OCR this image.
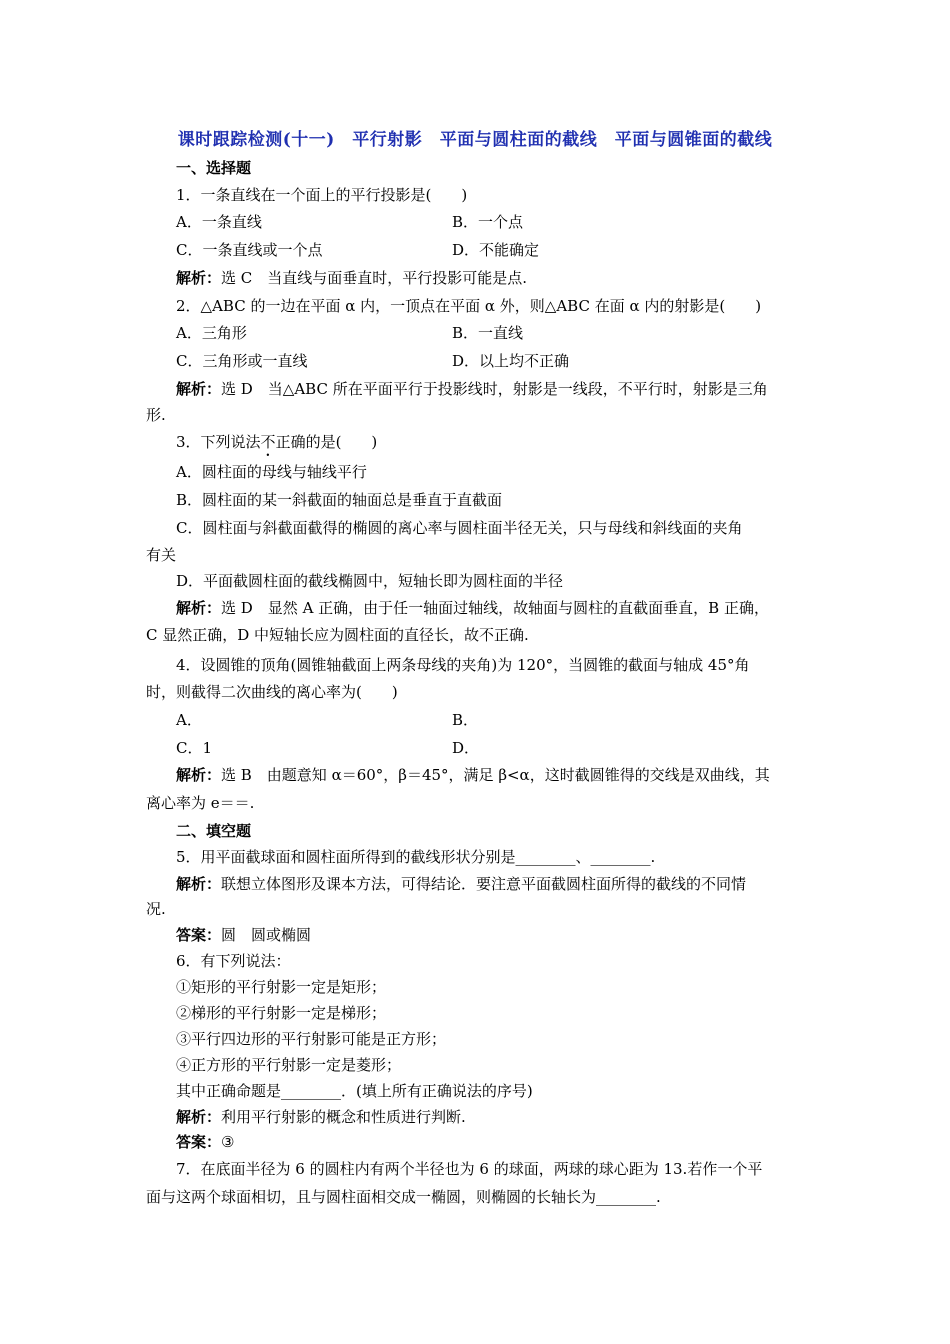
课时跟踪检测(十一)　平行射影　平面与圆柱面的截线　平面与圆锥面的截线
一、选择题
1．一条直线在一个面上的平行投影是(　　)
A．一条直线	B．一个点
C．一条直线或一个点	D．不能确定
解析：选 C　当直线与面垂直时，平行投影可能是点.
2．△ABC 的一边在平面 α 内，一顶点在平面 α 外，则△ABC 在面 α 内的射影是(　　)
A．三角形	B．一直线
C．三角形或一直线	D．以上均不正确
解析：选 D　当△ABC 所在平面平行于投影线时，射影是一线段，不平行时，射影是三角
形.
3．下列说法不正确的是(　　)
A．圆柱面的母线与轴线平行
B．圆柱面的某一斜截面的轴面总是垂直于直截面
C．圆柱面与斜截面截得的椭圆的离心率与圆柱面半径无关，只与母线和斜线面的夹角
有关
D．平面截圆柱面的截线椭圆中，短轴长即为圆柱面的半径
解析：选 D　显然 A 正确，由于任一轴面过轴线，故轴面与圆柱的直截面垂直，B 正确，
C 显然正确，D 中短轴长应为圆柱面的直径长，故不正确.
4．设圆锥的顶角(圆锥轴截面上两条母线的夹角)为 120°，当圆锥的截面与轴成 45°角
时，则截得二次曲线的离心率为(　　)
A．	B．
C．1	D．
解析：选 B　由题意知 α＝60°，β＝45°，满足 β<α，这时截圆锥得的交线是双曲线，其
离心率为 e＝＝.
二、填空题
5．用平面截球面和圆柱面所得到的截线形状分别是________、________.
解析：联想立体图形及课本方法，可得结论．要注意平面截圆柱面所得的截线的不同情
况.
答案：圆　圆或椭圆
6．有下列说法：
①矩形的平行射影一定是矩形；
②梯形的平行射影一定是梯形；
③平行四边形的平行射影可能是正方形；
④正方形的平行射影一定是菱形；
其中正确命题是________．(填上所有正确说法的序号)
解析：利用平行射影的概念和性质进行判断.
答案：③
7．在底面半径为 6 的圆柱内有两个半径也为 6 的球面，两球的球心距为 13.若作一个平
面与这两个球面相切，且与圆柱面相交成一椭圆，则椭圆的长轴长为________.
